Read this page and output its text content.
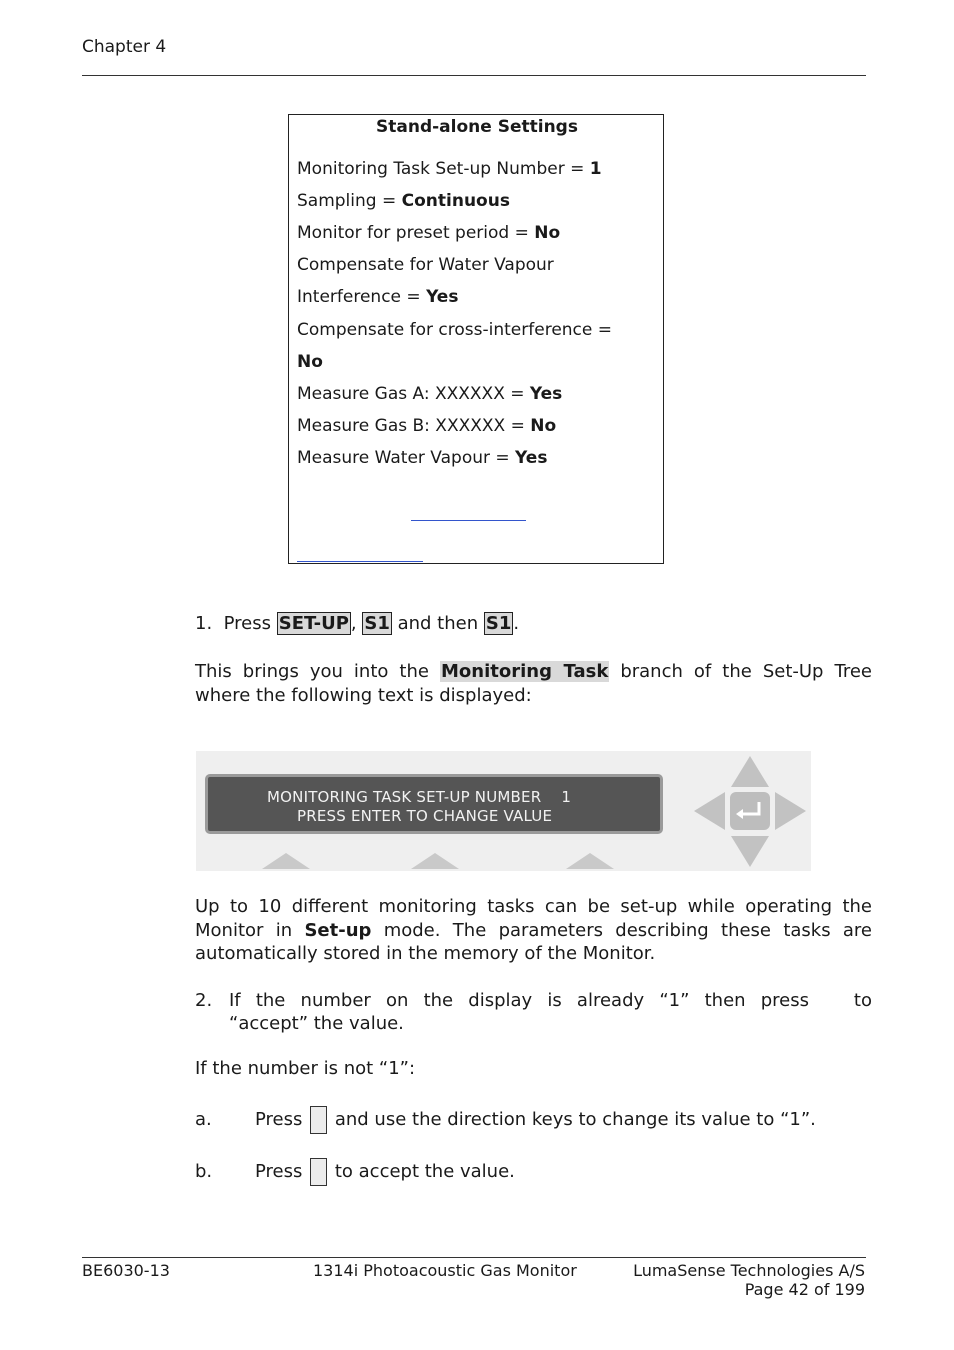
Chapter 4
Stand-alone Settings
Monitoring Task Set-up Number = 1
Sampling = Continuous
Monitor for preset period = No
Compensate for Water Vapour
Interference = Yes
Compensate for cross-interference =
No
Measure Gas A: XXXXXX = Yes
Measure Gas B: XXXXXX = No
Measure Water Vapour = Yes
1. Press SET-UP , S1 and then S1 .
This brings you into the Monitoring Task branch of the Set-Up Tree
where the following text is displayed:
MONITORING TASK SET-UP NUMBER 1
PRESS ENTER TO CHANGE VALUE
Up to 10 different monitoring tasks can be set-up while operating the
Monitor in Set-up mode. The parameters describing these tasks are
automatically stored in the memory of the Monitor.
2. If the number on the display is already “1” then press to
“accept” the value.
If the number is not “1”:
a. Press and use the direction keys to change its value to “1”.
b. Press to accept the value.
BE6030-13	1314i Photoacoustic Gas Monitor	LumaSense Technologies A/S
Page 42 of 199
